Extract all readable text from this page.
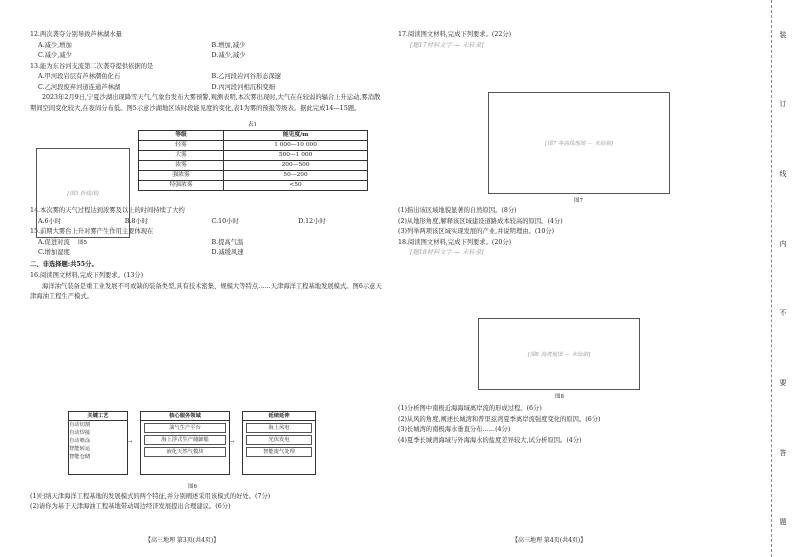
12.两次袭夺分别导致芦林湖水量

A.减少,增加	B.增加,减少
C.减少,减少	D.减少,减少

13.能为东谷河支流第二次袭夺提供依据的是

A.甲河段岩层有芦林潮鱼化石	B.乙河段岩河谷形态深邃
C.乙河段废弃河道连通芦林湖	D.丙河段河相沉积变细

2023年2月9日,宁夏沙湖出现降雪天气,气象台发布大雾预警,观测表明,本次雾出现时,大气在在较弱的辐合上升运动,雾消散期间空间变化较大,在夜间分布低。图5示意沙湖地区该时段能见度的变化,表1为雾的预报等级表。据此完成14—15题。

14.本次雾的天气过程达到浓雾及以上的时间持续了大约

A.6小时	B.8小时	C.10小时	D.12小时

15.前期大雾台上升对雾产生作用主要体现在

A.促进对流	B.提高气温
C.增加湿度	D.减缓风速

二、非选择题:共55分。

16.阅读图文材料,完成下列要求。(13分)

海洋油气装备是重工业发展不可或缺的装备类型,具有技术密集、规模大等特点……天津海洋工程基地发展模式。图6示意天津海油工程生产模式。

[图5 折线图]
图5
表1
等级	能见度/m
轻雾	1 000—10 000
大雾	500—1 000
浓雾	200—500
强浓雾	50—200
特强浓雾	<50
关键工艺
自动切割
自动焊接
自动喷涂
智能转运
智能仓储
→
核心服务领域
油气生产平台
海上浮式生产储卸船
液化天然气模块
→
延续延伸
海上风电
光伏发电
智能废气处理
图6

(1)归纳天津海洋工程基地的发展模式的两个特征,并分别阐述采用该模式的好处。(7分)

(2)请你为基于天津海油工程基地带动周边经济发展提出合理建议。(6分)

【高三地理 第3页(共4页)】

17.阅读图文材料,完成下列要求。(22分)

[题17材料文字 — 未转录]

[图7 等高线地图 — 未绘制]
图7

(1)指出该区域地貌显著的自然原因。(8分)

(2)从地形角度,解释该区域建设道路成本较高的原因。(4分)

(3)列举两项该区域实现发展的产业,并说明理由。(10分)

18.阅读图文材料,完成下列要求。(20分)

[题18材料文字 — 未转录]

[图8 海湾地图 — 未绘制]
图8

(1)分析图中南极近海海域离岸流的形成过程。(6分)

(2)从风的角度,阐述长城湾和普里兹湾夏季离岸流强度变化的原因。(6分)

(3)长城湾的南极海水垂直分布……(4分)

(4)夏季长城湾海域与外海海水的盐度差异较大,试分析原因。(4分)

【高三地理 第4页(共4页)】
装
订
线
内
不
要
答
题
